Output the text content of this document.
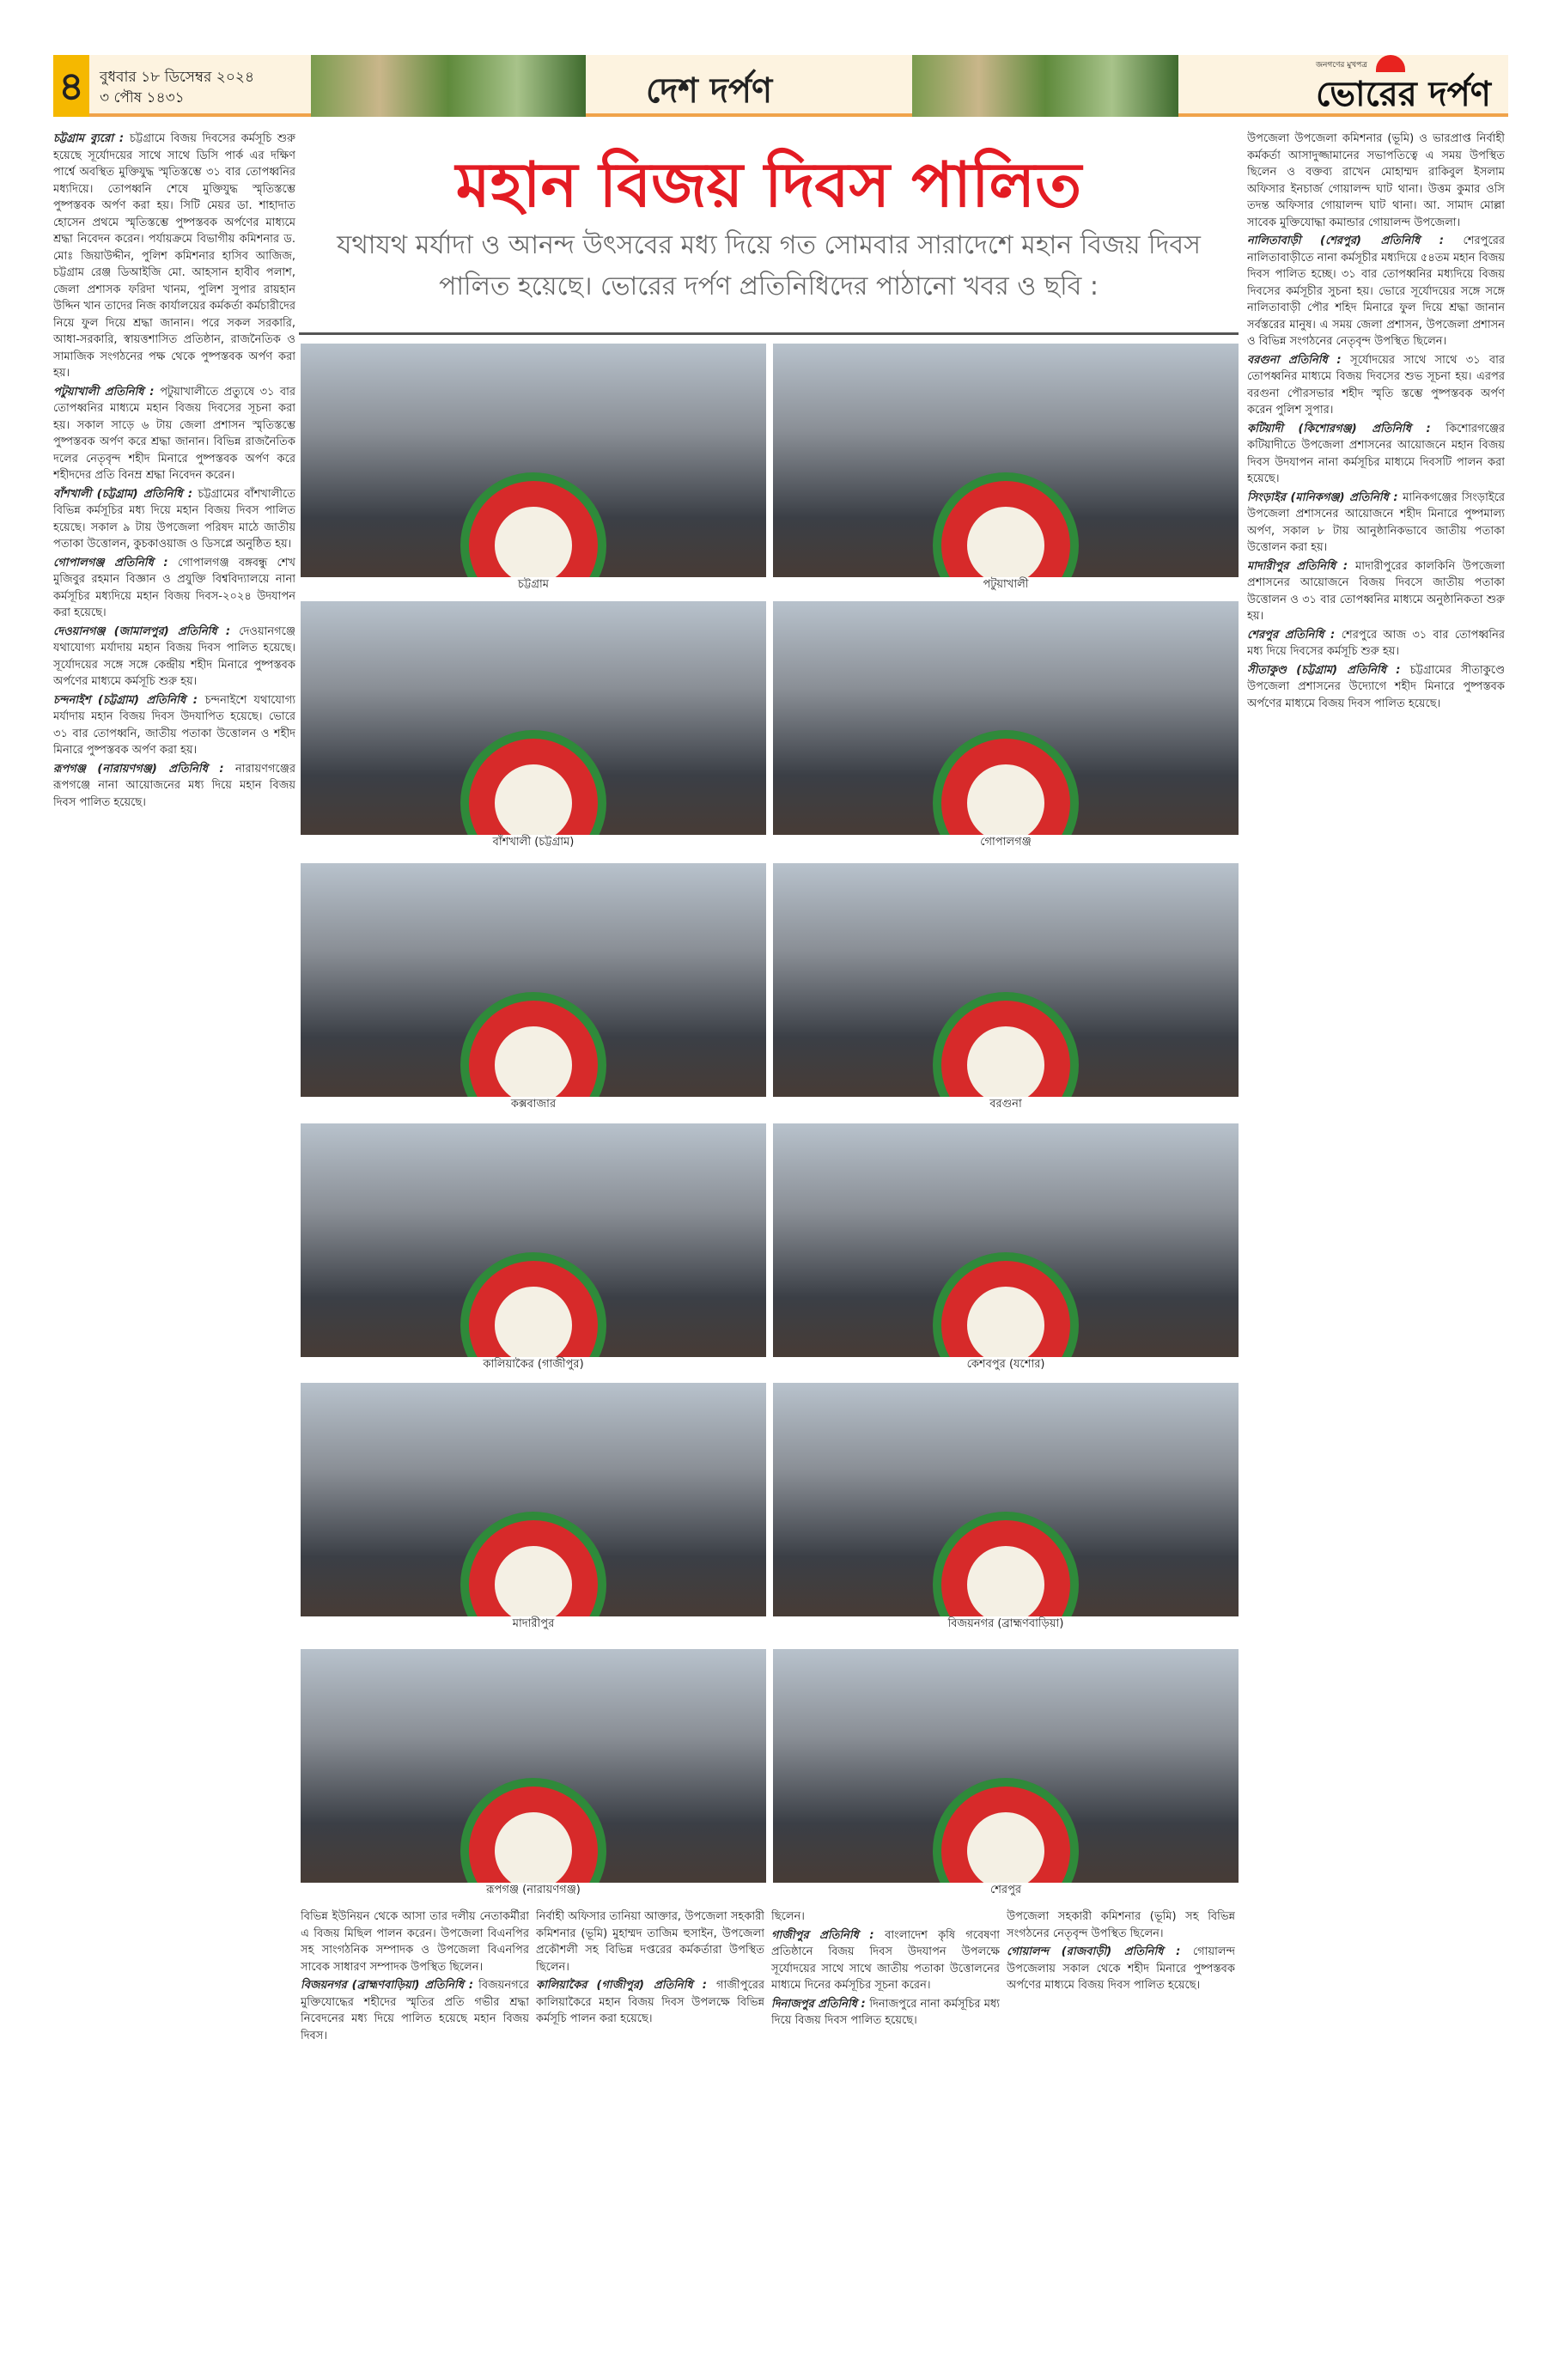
৪	বুধবার ১৮ ডিসেম্বর ২০২৪
৩ পৌষ ১৪৩১	দেশ দর্পণ
জনগণের মুখপত্র
ভোরের দর্পণ

চট্টগ্রাম ব্যুরো : চট্টগ্রামে বিজয় দিবসের কর্মসূচি শুরু হয়েছে সূর্যোদয়ের সাথে সাথে ডিসি পার্ক এর দক্ষিণ পার্শ্বে অবস্থিত মুক্তিযুদ্ধ স্মৃতিস্তম্ভে ৩১ বার তোপধ্বনির মধ্যদিয়ে। তোপধ্বনি শেষে মুক্তিযুদ্ধ স্মৃতিস্তম্ভে পুষ্পস্তবক অর্পণ করা হয়। সিটি মেয়র ডা. শাহাদাত হোসেন প্রথমে স্মৃতিস্তম্ভে পুষ্পস্তবক অর্পণের মাধ্যমে শ্রদ্ধা নিবেদন করেন। পর্যায়ক্রমে বিভাগীয় কমিশনার ড. মোঃ জিয়াউদ্দীন, পুলিশ কমিশনার হাসিব আজিজ, চট্টগ্রাম রেঞ্জ ডিআইজি মো. আহসান হাবীব পলাশ, জেলা প্রশাসক ফরিদা খানম, পুলিশ সুপার রায়হান উদ্দিন খান তাদের নিজ কার্যালয়ের কর্মকর্তা কর্মচারীদের নিয়ে ফুল দিয়ে শ্রদ্ধা জানান। পরে সকল সরকারি, আধা-সরকারি, স্বায়ত্তশাসিত প্রতিষ্ঠান, রাজনৈতিক ও সামাজিক সংগঠনের পক্ষ থেকে পুষ্পস্তবক অর্পণ করা হয়।

পটুয়াখালী প্রতিনিধি : পটুয়াখালীতে প্রত্যুষে ৩১ বার তোপধ্বনির মাধ্যমে মহান বিজয় দিবসের সূচনা করা হয়। সকাল সাড়ে ৬ টায় জেলা প্রশাসন স্মৃতিস্তম্ভে পুষ্পস্তবক অর্পণ করে শ্রদ্ধা জানান। বিভিন্ন রাজনৈতিক দলের নেতৃবৃন্দ শহীদ মিনারে পুষ্পস্তবক অর্পণ করে শহীদদের প্রতি বিনম্র শ্রদ্ধা নিবেদন করেন।

বাঁশখালী (চট্টগ্রাম) প্রতিনিধি : চট্টগ্রামের বাঁশখালীতে বিভিন্ন কর্মসূচির মধ্য দিয়ে মহান বিজয় দিবস পালিত হয়েছে। সকাল ৯ টায় উপজেলা পরিষদ মাঠে জাতীয় পতাকা উত্তোলন, কুচকাওয়াজ ও ডিসপ্লে অনুষ্ঠিত হয়।

গোপালগঞ্জ প্রতিনিধি : গোপালগঞ্জ বঙ্গবন্ধু শেখ মুজিবুর রহমান বিজ্ঞান ও প্রযুক্তি বিশ্ববিদ্যালয়ে নানা কর্মসূচির মধ্যদিয়ে মহান বিজয় দিবস-২০২৪ উদযাপন করা হয়েছে।

দেওয়ানগঞ্জ (জামালপুর) প্রতিনিধি : দেওয়ানগঞ্জে যথাযোগ্য মর্যাদায় মহান বিজয় দিবস পালিত হয়েছে। সূর্যোদয়ের সঙ্গে সঙ্গে কেন্দ্রীয় শহীদ মিনারে পুষ্পস্তবক অর্পণের মাধ্যমে কর্মসূচি শুরু হয়।

চন্দনাইশ (চট্টগ্রাম) প্রতিনিধি : চন্দনাইশে যথাযোগ্য মর্যাদায় মহান বিজয় দিবস উদযাপিত হয়েছে। ভোরে ৩১ বার তোপধ্বনি, জাতীয় পতাকা উত্তোলন ও শহীদ মিনারে পুষ্পস্তবক অর্পণ করা হয়।

রূপগঞ্জ (নারায়ণগঞ্জ) প্রতিনিধি : নারায়ণগঞ্জের রূপগঞ্জে নানা আয়োজনের মধ্য দিয়ে মহান বিজয় দিবস পালিত হয়েছে।

উপজেলা উপজেলা কমিশনার (ভূমি) ও ভারপ্রাপ্ত নির্বাহী কর্মকর্তা আসাদুজ্জামানের সভাপতিত্বে এ সময় উপস্থিত ছিলেন ও বক্তব্য রাখেন মোহাম্মদ রাকিবুল ইসলাম অফিসার ইনচার্জ গোয়ালন্দ ঘাট থানা। উত্তম কুমার ওসি তদন্ত অফিসার গোয়ালন্দ ঘাট থানা। আ. সামাদ মোল্লা সাবেক মুক্তিযোদ্ধা কমান্ডার গোয়ালন্দ উপজেলা।

নালিতাবাড়ী (শেরপুর) প্রতিনিধি : শেরপুরের নালিতাবাড়ীতে নানা কর্মসূচীর মধ্যদিয়ে ৫৪তম মহান বিজয় দিবস পালিত হচ্ছে। ৩১ বার তোপধ্বনির মধ্যদিয়ে বিজয় দিবসের কর্মসূচীর সুচনা হয়। ভোরে সূর্যোদয়ের সঙ্গে সঙ্গে নালিতাবাড়ী পৌর শহিদ মিনারে ফুল দিয়ে শ্রদ্ধা জানান সর্বস্তরের মানুষ। এ সময় জেলা প্রশাসন, উপজেলা প্রশাসন ও বিভিন্ন সংগঠনের নেতৃবৃন্দ উপস্থিত ছিলেন।

বরগুনা প্রতিনিধি : সূর্যোদয়ের সাথে সাথে ৩১ বার তোপধ্বনির মাধ্যমে বিজয় দিবসের শুভ সূচনা হয়। এরপর বরগুনা পৌরসভার শহীদ স্মৃতি স্তম্ভে পুষ্পস্তবক অর্পণ করেন পুলিশ সুপার।

কটিয়াদী (কিশোরগঞ্জ) প্রতিনিধি : কিশোরগঞ্জের কটিয়াদীতে উপজেলা প্রশাসনের আয়োজনে মহান বিজয় দিবস উদযাপন নানা কর্মসূচির মাধ্যমে দিবসটি পালন করা হয়েছে।

সিংড়াইর (মানিকগঞ্জ) প্রতিনিধি : মানিকগঞ্জের সিংড়াইরে উপজেলা প্রশাসনের আয়োজনে শহীদ মিনারে পুষ্পমাল্য অর্পণ, সকাল ৮ টায় আনুষ্ঠানিকভাবে জাতীয় পতাকা উত্তোলন করা হয়।

মাদারীপুর প্রতিনিধি : মাদারীপুরের কালকিনি উপজেলা প্রশাসনের আয়োজনে বিজয় দিবসে জাতীয় পতাকা উত্তোলন ও ৩১ বার তোপধ্বনির মাধ্যমে অনুষ্ঠানিকতা শুরু হয়।

শেরপুর প্রতিনিধি : শেরপুরে আজ ৩১ বার তোপধ্বনির মধ্য দিয়ে দিবসের কর্মসূচি শুরু হয়।

সীতাকুণ্ড (চট্টগ্রাম) প্রতিনিধি : চট্টগ্রামের সীতাকুণ্ডে উপজেলা প্রশাসনের উদ্যোগে শহীদ মিনারে পুষ্পস্তবক অর্পণের মাধ্যমে বিজয় দিবস পালিত হয়েছে।

মহান বিজয় দিবস পালিত
যথাযথ মর্যাদা ও আনন্দ উৎসবের মধ্য দিয়ে গত সোমবার সারাদেশে মহান বিজয় দিবস পালিত হয়েছে। ভোরের দর্পণ প্রতিনিধিদের পাঠানো খবর ও ছবি :
চট্টগ্রাম	পটুয়াখালী
বাঁশখালী (চট্টগ্রাম)	গোপালগঞ্জ
কক্সবাজার	বরগুনা
কালিয়াকৈর (গাজীপুর)	কেশবপুর (যশোর)
মাদারীপুর	বিজয়নগর (ব্রাহ্মণবাড়িয়া)
রূপগঞ্জ (নারায়ণগঞ্জ)	শেরপুর

বিভিন্ন ইউনিয়ন থেকে আসা তার দলীয় নেতাকর্মীরা এ বিজয় মিছিল পালন করেন। উপজেলা বিএনপির সহ সাংগঠনিক সম্পাদক ও উপজেলা বিএনপির সাবেক সাধারণ সম্পাদক উপস্থিত ছিলেন।

বিজয়নগর (ব্রাহ্মণবাড়িয়া) প্রতিনিধি : বিজয়নগরে মুক্তিযোদ্ধের শহীদের স্মৃতির প্রতি গভীর শ্রদ্ধা নিবেদনের মধ্য দিয়ে পালিত হয়েছে মহান বিজয় দিবস।

নির্বাহী অফিসার তানিয়া আক্তার, উপজেলা সহকারী কমিশনার (ভূমি) মুহাম্মদ তাজিম হুসাইন, উপজেলা প্রকৌশলী সহ বিভিন্ন দপ্তরের কর্মকর্তারা উপস্থিত ছিলেন।

কালিয়াকৈর (গাজীপুর) প্রতিনিধি : গাজীপুরের কালিয়াকৈরে মহান বিজয় দিবস উপলক্ষে বিভিন্ন কর্মসূচি পালন করা হয়েছে।

ছিলেন।

গাজীপুর প্রতিনিধি : বাংলাদেশ কৃষি গবেষণা প্রতিষ্ঠানে বিজয় দিবস উদযাপন উপলক্ষে সূর্যোদয়ের সাথে সাথে জাতীয় পতাকা উত্তোলনের মাধ্যমে দিনের কর্মসূচির সূচনা করেন।

দিনাজপুর প্রতিনিধি : দিনাজপুরে নানা কর্মসূচির মধ্য দিয়ে বিজয় দিবস পালিত হয়েছে।

উপজেলা সহকারী কমিশনার (ভূমি) সহ বিভিন্ন সংগঠনের নেতৃবৃন্দ উপস্থিত ছিলেন।

গোয়ালন্দ (রাজবাড়ী) প্রতিনিধি : গোয়ালন্দ উপজেলায় সকাল থেকে শহীদ মিনারে পুষ্পস্তবক অর্পণের মাধ্যমে বিজয় দিবস পালিত হয়েছে।
